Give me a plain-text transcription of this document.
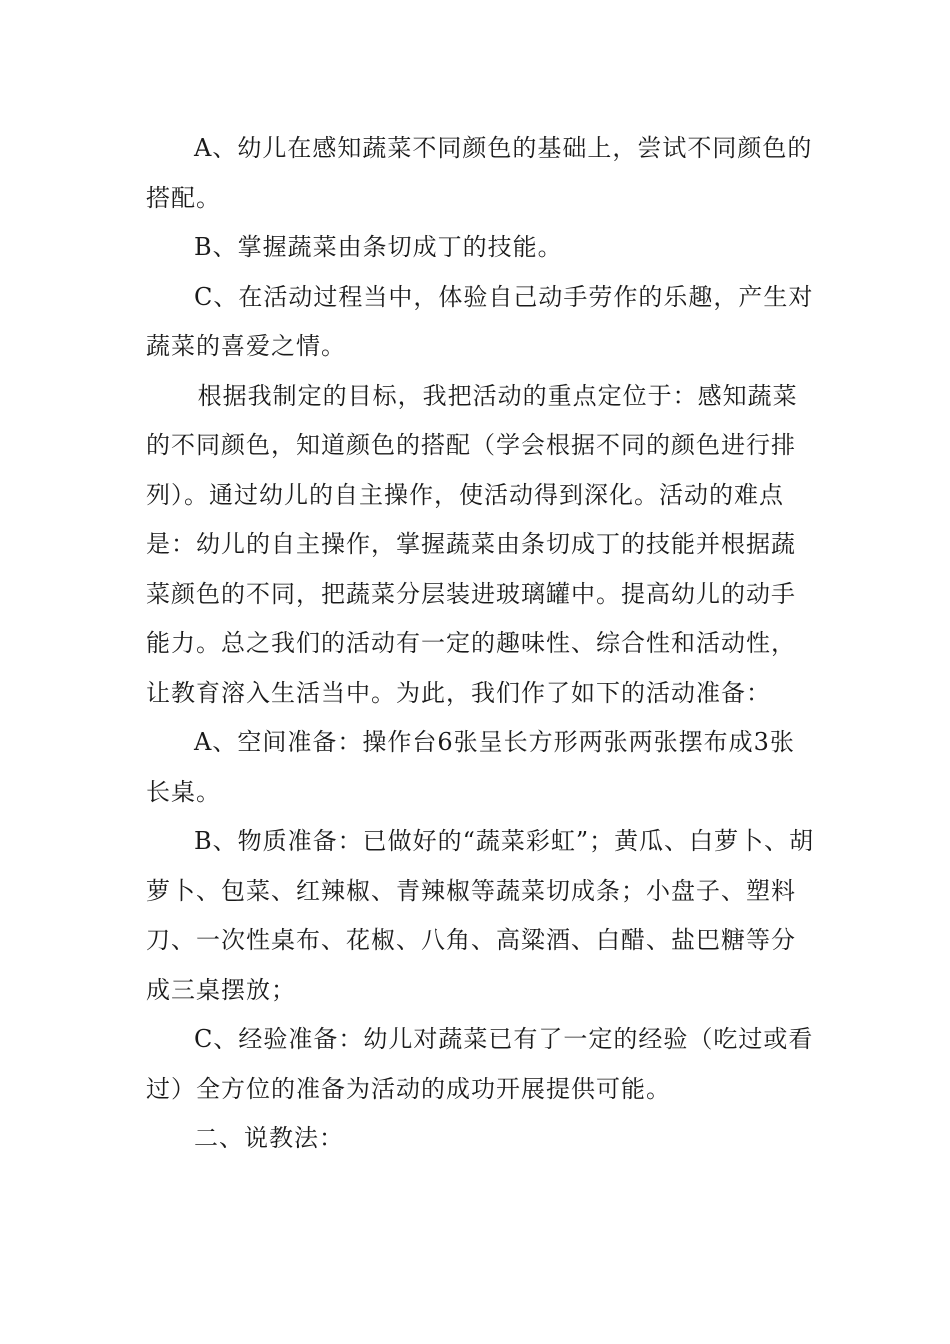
A、幼儿在感知蔬菜不同颜色的基础上，尝试不同颜色的搭配。

B、掌握蔬菜由条切成丁的技能。

C、在活动过程当中，体验自己动手劳作的乐趣，产生对蔬菜的喜爱之情。

根据我制定的目标，我把活动的重点定位于：感知蔬菜的不同颜色，知道颜色的搭配（学会根据不同的颜色进行排列）。通过幼儿的自主操作，使活动得到深化。活动的难点是：幼儿的自主操作，掌握蔬菜由条切成丁的技能并根据蔬菜颜色的不同，把蔬菜分层装进玻璃罐中。提高幼儿的动手能力。总之我们的活动有一定的趣味性、综合性和活动性，让教育溶入生活当中。为此，我们作了如下的活动准备：

A、空间准备：操作台6张呈长方形两张两张摆布成3张长桌。

B、物质准备：已做好的“蔬菜彩虹”；黄瓜、白萝卜、胡萝卜、包菜、红辣椒、青辣椒等蔬菜切成条；小盘子、塑料刀、一次性桌布、花椒、八角、高粱酒、白醋、盐巴糖等分成三桌摆放；

C、经验准备：幼儿对蔬菜已有了一定的经验（吃过或看过）全方位的准备为活动的成功开展提供可能。

二、说教法：
